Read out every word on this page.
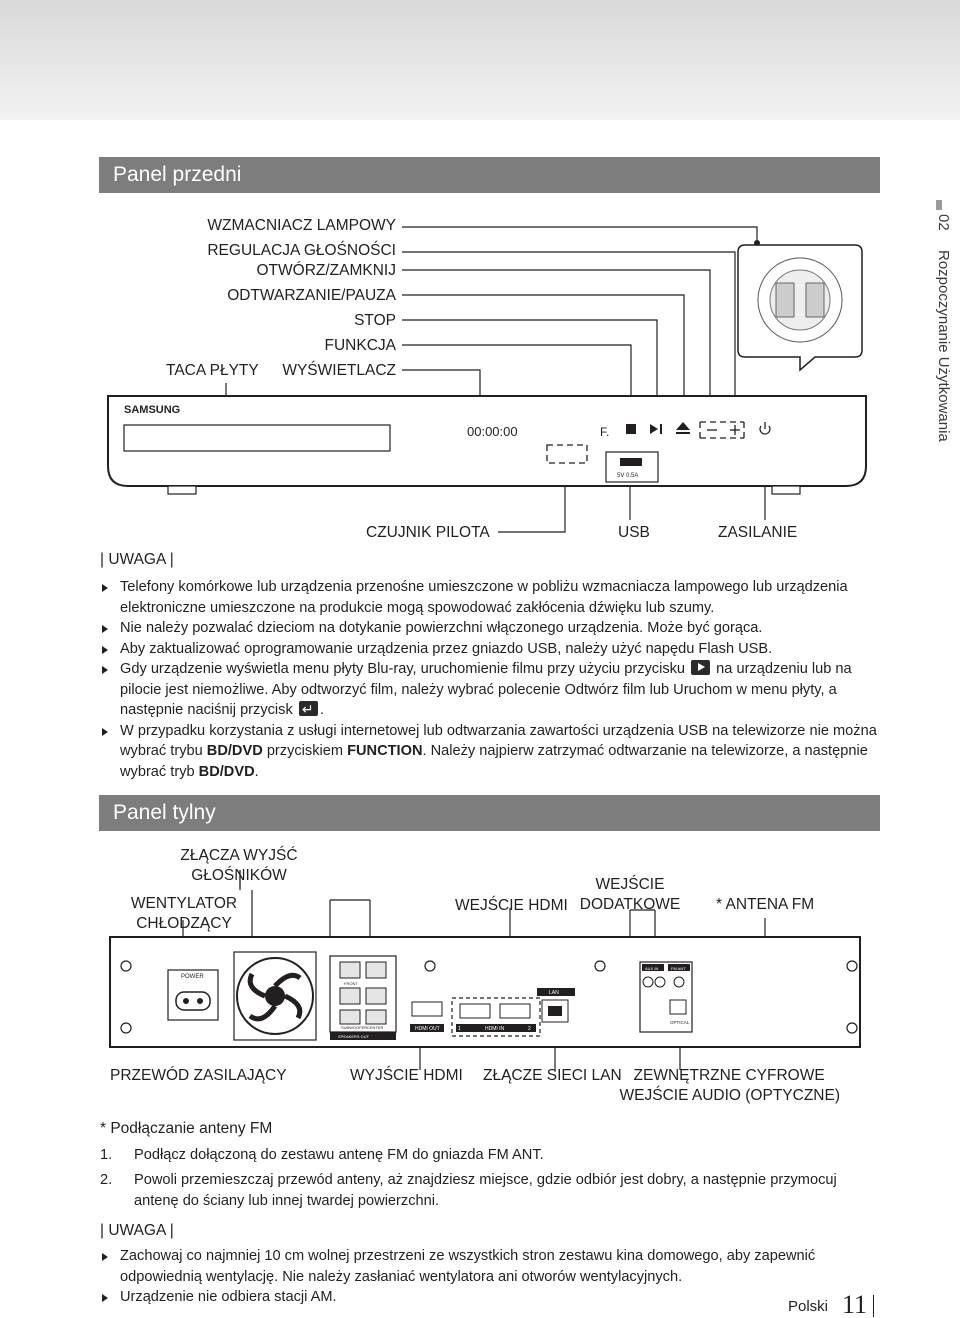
02
Rozpoczynanie Użytkowania
Panel przedni
WZMACNIACZ LAMPOWY
REGULACJA GŁOŚNOŚCI
OTWÓRZ/ZAMKNIJ
ODTWARZANIE/PAUZA
STOP
FUNKCJA
WYŚWIETLACZ
TACA PŁYTY
SAMSUNG
00:00:00	F.
5V 0.5A
CZUJNIK PILOTA	USB	ZASILANIE
| UWAGA |
Telefony komórkowe lub urządzenia przenośne umieszczone w pobliżu wzmacniacza lampowego lub urządzenia elektroniczne umieszczone na produkcie mogą spowodować zakłócenia dźwięku lub szumy.
Nie należy pozwalać dzieciom na dotykanie powierzchni włączonego urządzenia. Może być gorąca.
Aby zaktualizować oprogramowanie urządzenia przez gniazdo USB, należy użyć napędu Flash USB.
Gdy urządzenie wyświetla menu płyty Blu-ray, uruchomienie filmu przy użyciu przycisku na urządzeniu lub na pilocie jest niemożliwe. Aby odtworzyć film, należy wybrać polecenie Odtwórz film lub Uruchom w menu płyty, a następnie naciśnij przycisk ↵ .
W przypadku korzystania z usługi internetowej lub odtwarzania zawartości urządzenia USB na telewizorze nie można wybrać trybu BD/DVD przyciskiem FUNCTION. Należy najpierw zatrzymać odtwarzanie na telewizorze, a następnie wybrać tryb BD/DVD.
Panel tylny
ZŁĄCZA WYJŚĆ
GŁOŚNIKÓW
WENTYLATOR
CHŁODZĄCY
WEJŚCIE HDMI
WEJŚCIE
DODATKOWE	* ANTENA FM
POWER
SUBWOOFER CENTER
FRONT
SPEAKERS OUT
HDMI OUT	1	HDMI IN	2
LAN
AUX IN	FM ANT
OPTICAL
PRZEWÓD ZASILAJĄCY	WYJŚCIE HDMI ZŁĄCZE SIECI LAN ZEWNĘTRZNE CYFROWE
WEJŚCIE AUDIO (OPTYCZNE)
* Podłączanie anteny FM
1. Podłącz dołączoną do zestawu antenę FM do gniazda FM ANT.
2.	Powoli przemieszczaj przewód anteny, aż znajdziesz miejsce, gdzie odbiór jest dobry, a następnie przymocuj antenę do ściany lub innej twardej powierzchni.
| UWAGA |
Zachowaj co najmniej 10 cm wolnej przestrzeni ze wszystkich stron zestawu kina domowego, aby zapewnić odpowiednią wentylację. Nie należy zasłaniać wentylatora ani otworów wentylacyjnych.
Urządzenie nie odbiera stacji AM.
Polski 11
